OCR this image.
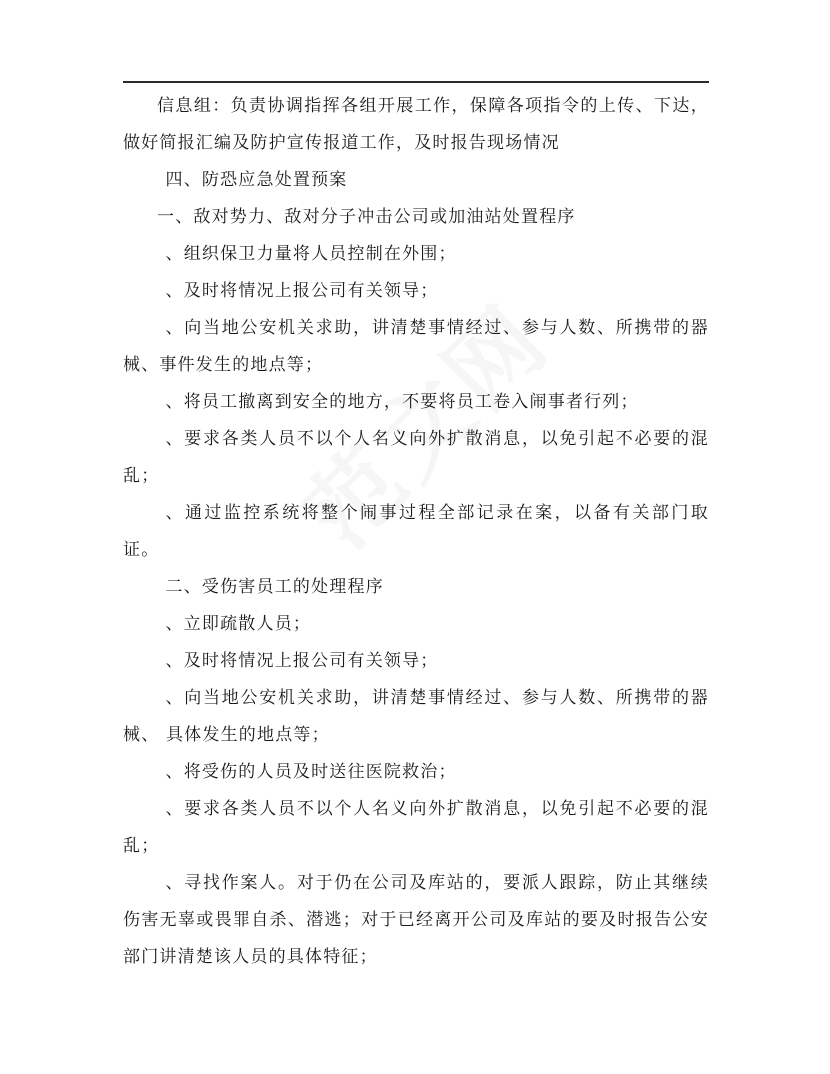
信息组：负责协调指挥各组开展工作，保障各项指令的上传、下达，做好简报汇编及防护宣传报道工作，及时报告现场情况

四、防恐应急处置预案

一、敌对势力、敌对分子冲击公司或加油站处置程序

、组织保卫力量将人员控制在外围；

、及时将情况上报公司有关领导；

、向当地公安机关求助，讲清楚事情经过、参与人数、所携带的器械、事件发生的地点等；

、将员工撤离到安全的地方，不要将员工卷入闹事者行列；

、要求各类人员不以个人名义向外扩散消息，以免引起不必要的混乱；

、通过监控系统将整个闹事过程全部记录在案，以备有关部门取证。

二、受伤害员工的处理程序

、立即疏散人员；

、及时将情况上报公司有关领导；

、向当地公安机关求助，讲清楚事情经过、参与人数、所携带的器械、 具体发生的地点等；

、将受伤的人员及时送往医院救治；

、要求各类人员不以个人名义向外扩散消息，以免引起不必要的混乱；

、寻找作案人。对于仍在公司及库站的，要派人跟踪，防止其继续伤害无辜或畏罪自杀、潜逃；对于已经离开公司及库站的要及时报告公安部门讲清楚该人员的具体特征；
